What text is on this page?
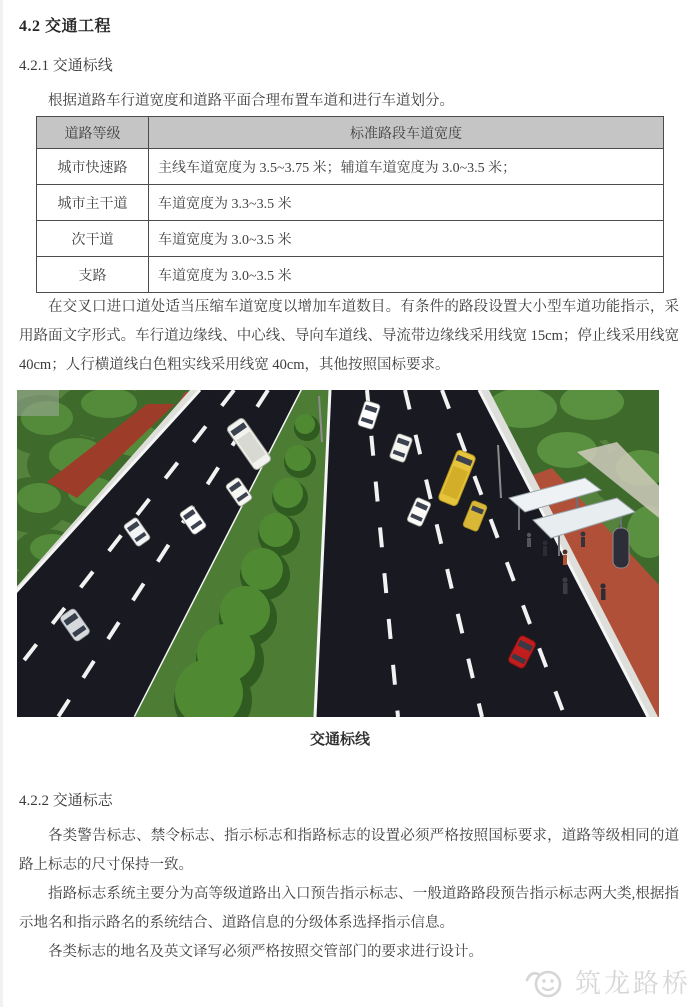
4.2 交通工程
4.2.1 交通标线

根据道路车行道宽度和道路平面合理布置车道和进行车道划分。

道路等级	标准路段车道宽度
城市快速路	主线车道宽度为 3.5~3.75 米；辅道车道宽度为 3.0~3.5 米；
城市主干道	车道宽度为 3.3~3.5 米
次干道	车道宽度为 3.0~3.5 米
支路	车道宽度为 3.0~3.5 米

在交叉口进口道处适当压缩车道宽度以增加车道数目。有条件的路段设置大小型车道功能指示，采用路面文字形式。车行道边缘线、中心线、导向车道线、导流带边缘线采用线宽 15cm；停止线采用线宽 40cm；人行横道线白色粗实线采用线宽 40cm，其他按照国标要求。

交通标线
4.2.2 交通标志

各类警告标志、禁令标志、指示标志和指路标志的设置必须严格按照国标要求，道路等级相同的道路上标志的尺寸保持一致。

指路标志系统主要分为高等级道路出入口预告指示标志、一般道路路段预告指示标志两大类,根据指示地名和指示路名的系统结合、道路信息的分级体系选择指示信息。

各类标志的地名及英文译写必须严格按照交管部门的要求进行设计。

筑龙路桥
